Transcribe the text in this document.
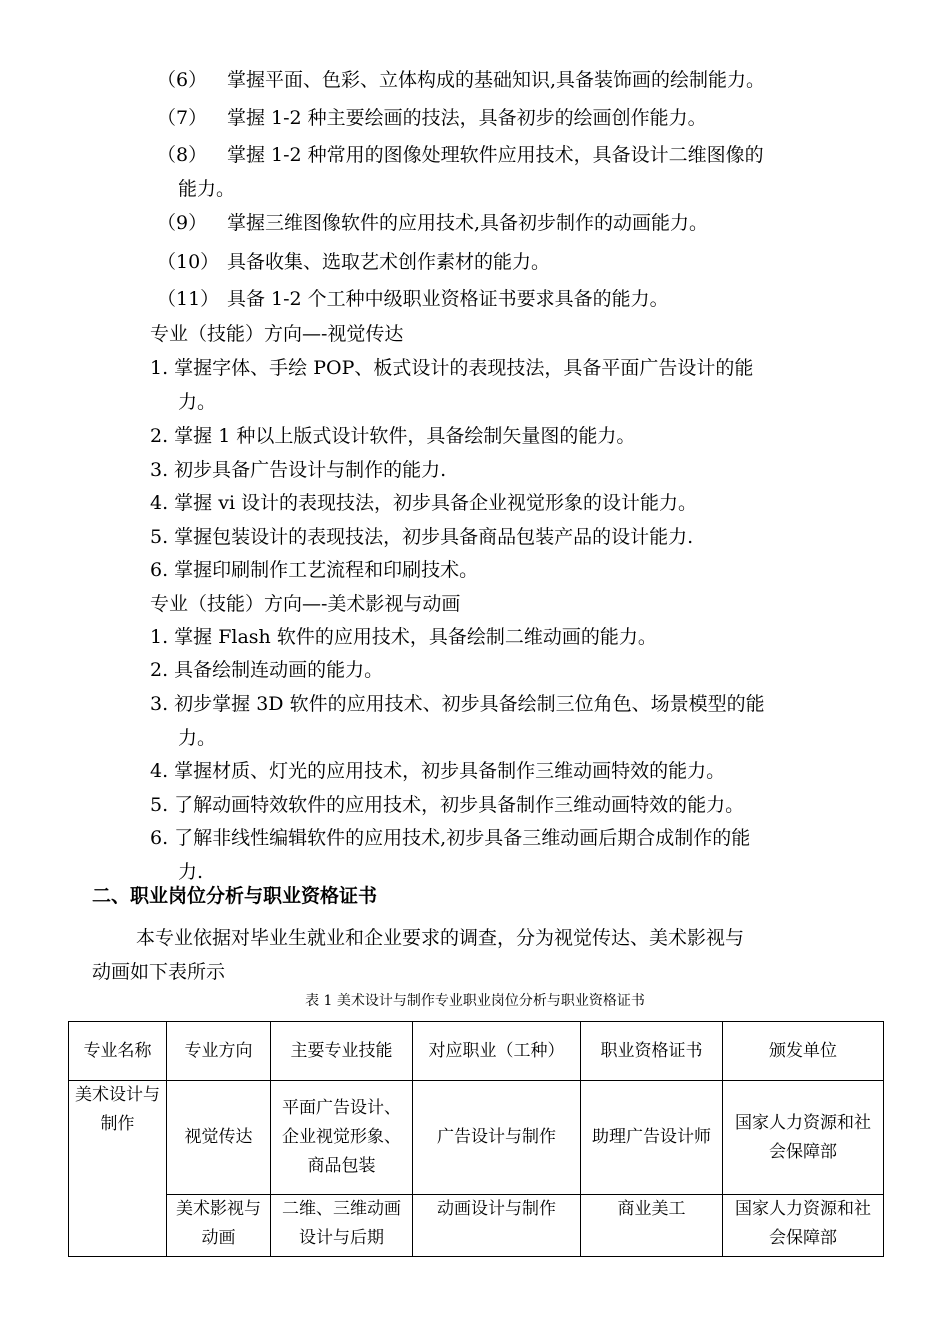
（6） 掌握平面、色彩、立体构成的基础知识,具备装饰画的绘制能力。
（7） 掌握 1-2 种主要绘画的技法，具备初步的绘画创作能力。
（8） 掌握 1-2 种常用的图像处理软件应用技术，具备设计二维图像的
能力。
（9） 掌握三维图像软件的应用技术,具备初步制作的动画能力。
（10） 具备收集、选取艺术创作素材的能力。
（11） 具备 1-2 个工种中级职业资格证书要求具备的能力。
专业（技能）方向—-视觉传达
1. 掌握字体、手绘 POP、板式设计的表现技法，具备平面广告设计的能
力。
2. 掌握 1 种以上版式设计软件，具备绘制矢量图的能力。
3. 初步具备广告设计与制作的能力.
4. 掌握 vi 设计的表现技法，初步具备企业视觉形象的设计能力。
5. 掌握包装设计的表现技法，初步具备商品包装产品的设计能力.
6. 掌握印刷制作工艺流程和印刷技术。
专业（技能）方向—-美术影视与动画
1. 掌握 Flash 软件的应用技术，具备绘制二维动画的能力。
2. 具备绘制连动画的能力。
3. 初步掌握 3D 软件的应用技术、初步具备绘制三位角色、场景模型的能
力。
4. 掌握材质、灯光的应用技术，初步具备制作三维动画特效的能力。
5. 了解动画特效软件的应用技术，初步具备制作三维动画特效的能力。
6. 了解非线性编辑软件的应用技术,初步具备三维动画后期合成制作的能
力.
二、职业岗位分析与职业资格证书
本专业依据对毕业生就业和企业要求的调查，分为视觉传达、美术影视与
动画如下表所示
表 1 美术设计与制作专业职业岗位分析与职业资格证书
专业名称	专业方向	主要专业技能	对应职业（工种）	职业资格证书	颁发单位
美术设计与制作	视觉传达	平面广告设计、企业视觉形象、商品包装	广告设计与制作	助理广告设计师	国家人力资源和社会保障部
	美术影视与动画	二维、三维动画设计与后期	动画设计与制作	商业美工	国家人力资源和社会保障部
